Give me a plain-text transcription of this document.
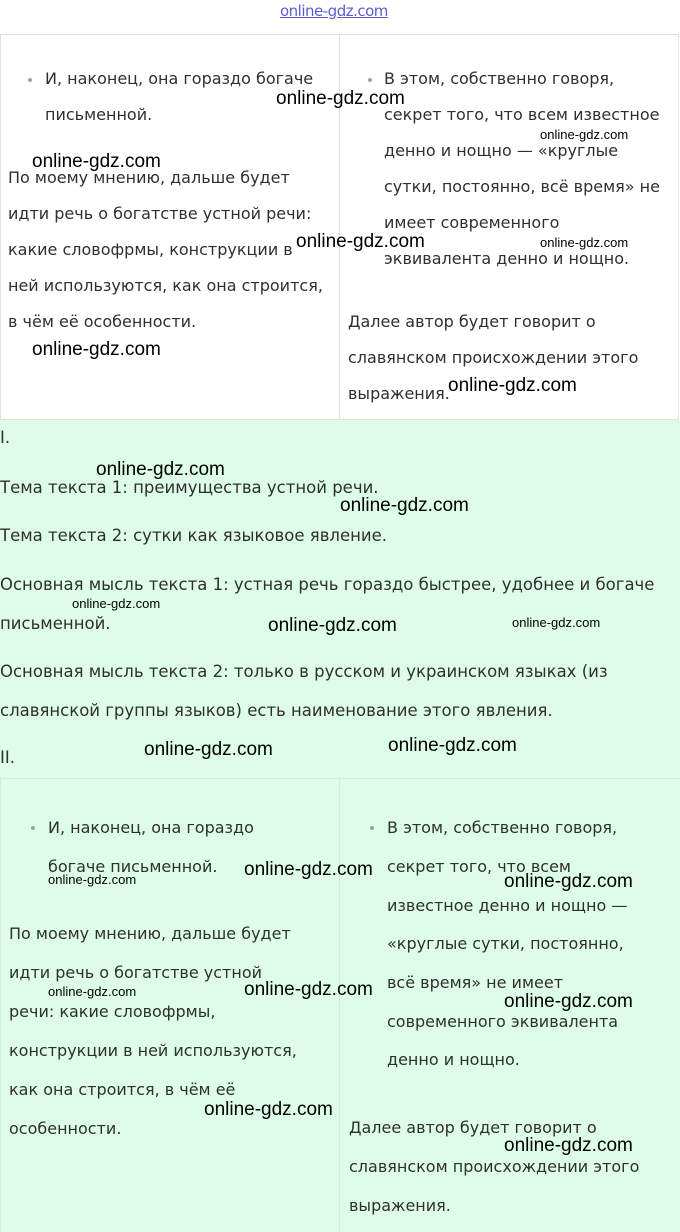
online-gdz.com
И, наконец, она гораздо богаче
письменной.
По моему мнению, дальше будет
идти речь о богатстве устной речи:
какие словофрмы, конструкции в
ней используются, как она строится,
в чём её особенности.
В этом, собственно говоря,
секрет того, что всем известное
денно и нощно — «круглые
сутки, постоянно, всё время» не
имеет современного
эквивалента денно и нощно.
Далее автор будет говорит о
славянском происхождении этого
выражения.
I.
Тема текста 1: преимущества устной речи.
Тема текста 2: сутки как языковое явление.
Основная мысль текста 1: устная речь гораздо быстрее, удобнее и богаче
письменной.
Основная мысль текста 2: только в русском и украинском языках (из
славянской группы языков) есть наименование этого явления.
II.
И, наконец, она гораздо
богаче письменной.
По моему мнению, дальше будет
идти речь о богатстве устной
речи: какие словофрмы,
конструкции в ней используются,
как она строится, в чём её
особенности.
В этом, собственно говоря,
секрет того, что всем
известное денно и нощно —
«круглые сутки, постоянно,
всё время» не имеет
современного эквивалента
денно и нощно.
Далее автор будет говорит о
славянском происхождении этого
выражения.
online-gdz.com
online-gdz.com
online-gdz.com
online-gdz.com	online-gdz.com
online-gdz.com
online-gdz.com
online-gdz.com
online-gdz.com
online-gdz.com
online-gdz.com	online-gdz.com
online-gdz.com	online-gdz.com
online-gdz.com
online-gdz.com	online-gdz.com
online-gdz.com	online-gdz.com
online-gdz.com
online-gdz.com
online-gdz.com
